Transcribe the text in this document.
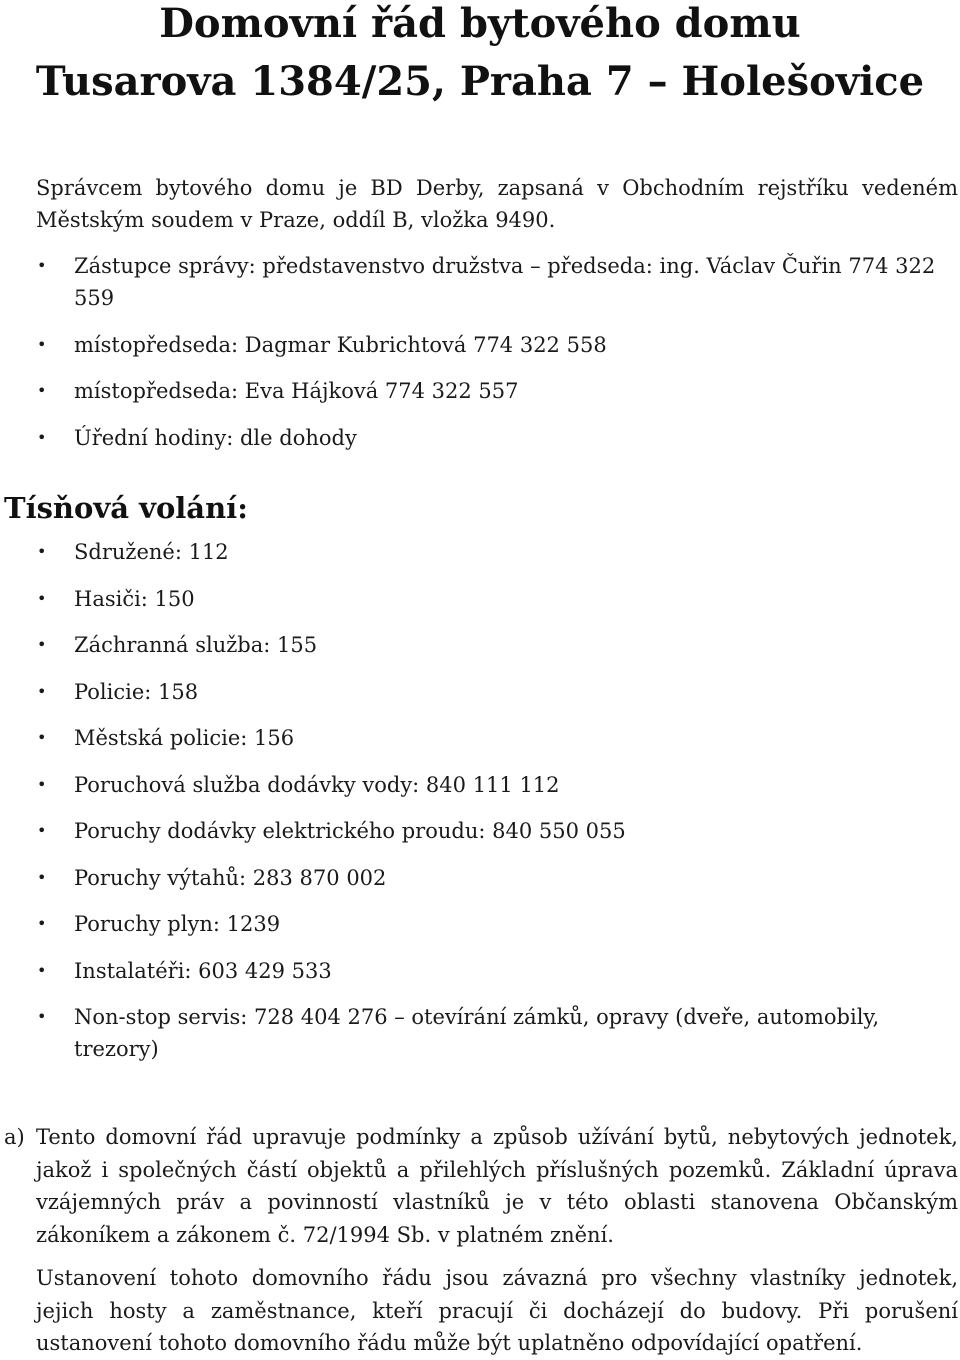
Domovní řád bytového domu
Tusarova 1384/25, Praha 7 – Holešovice

Správcem bytového domu je BD Derby, zapsaná v Obchodním rejstříku vedeném Městským soudem v Praze, oddíl B, vložka 9490.

• Zástupce správy: představenstvo družstva – předseda: ing. Václav Čuřin 774 322 559
• místopředseda: Dagmar Kubrichtová 774 322 558
• místopředseda: Eva Hájková 774 322 557
• Úřední hodiny: dle dohody
Tísňová volání:
• Sdružené: 112
• Hasiči: 150
• Záchranná služba: 155
• Policie: 158
• Městská policie: 156
• Poruchová služba dodávky vody: 840 111 112
• Poruchy dodávky elektrického proudu: 840 550 055
• Poruchy výtahů: 283 870 002
• Poruchy plyn: 1239
• Instalatéři: 603 429 533
• Non-stop servis: 728 404 276 – otevírání zámků, opravy (dveře, automobily, trezory)

a) Tento domovní řád upravuje podmínky a způsob užívání bytů, nebytových jednotek, jakož i společných částí objektů a přilehlých příslušných pozemků. Základní úprava vzájemných práv a povinností vlastníků je v této oblasti stanovena Občanským zákoníkem a zákonem č. 72/1994 Sb. v platném znění.

Ustanovení tohoto domovního řádu jsou závazná pro všechny vlastníky jednotek, jejich hosty a zaměstnance, kteří pracují či docházejí do budovy. Při porušení ustanovení tohoto domovního řádu může být uplatněno odpovídající opatření.
